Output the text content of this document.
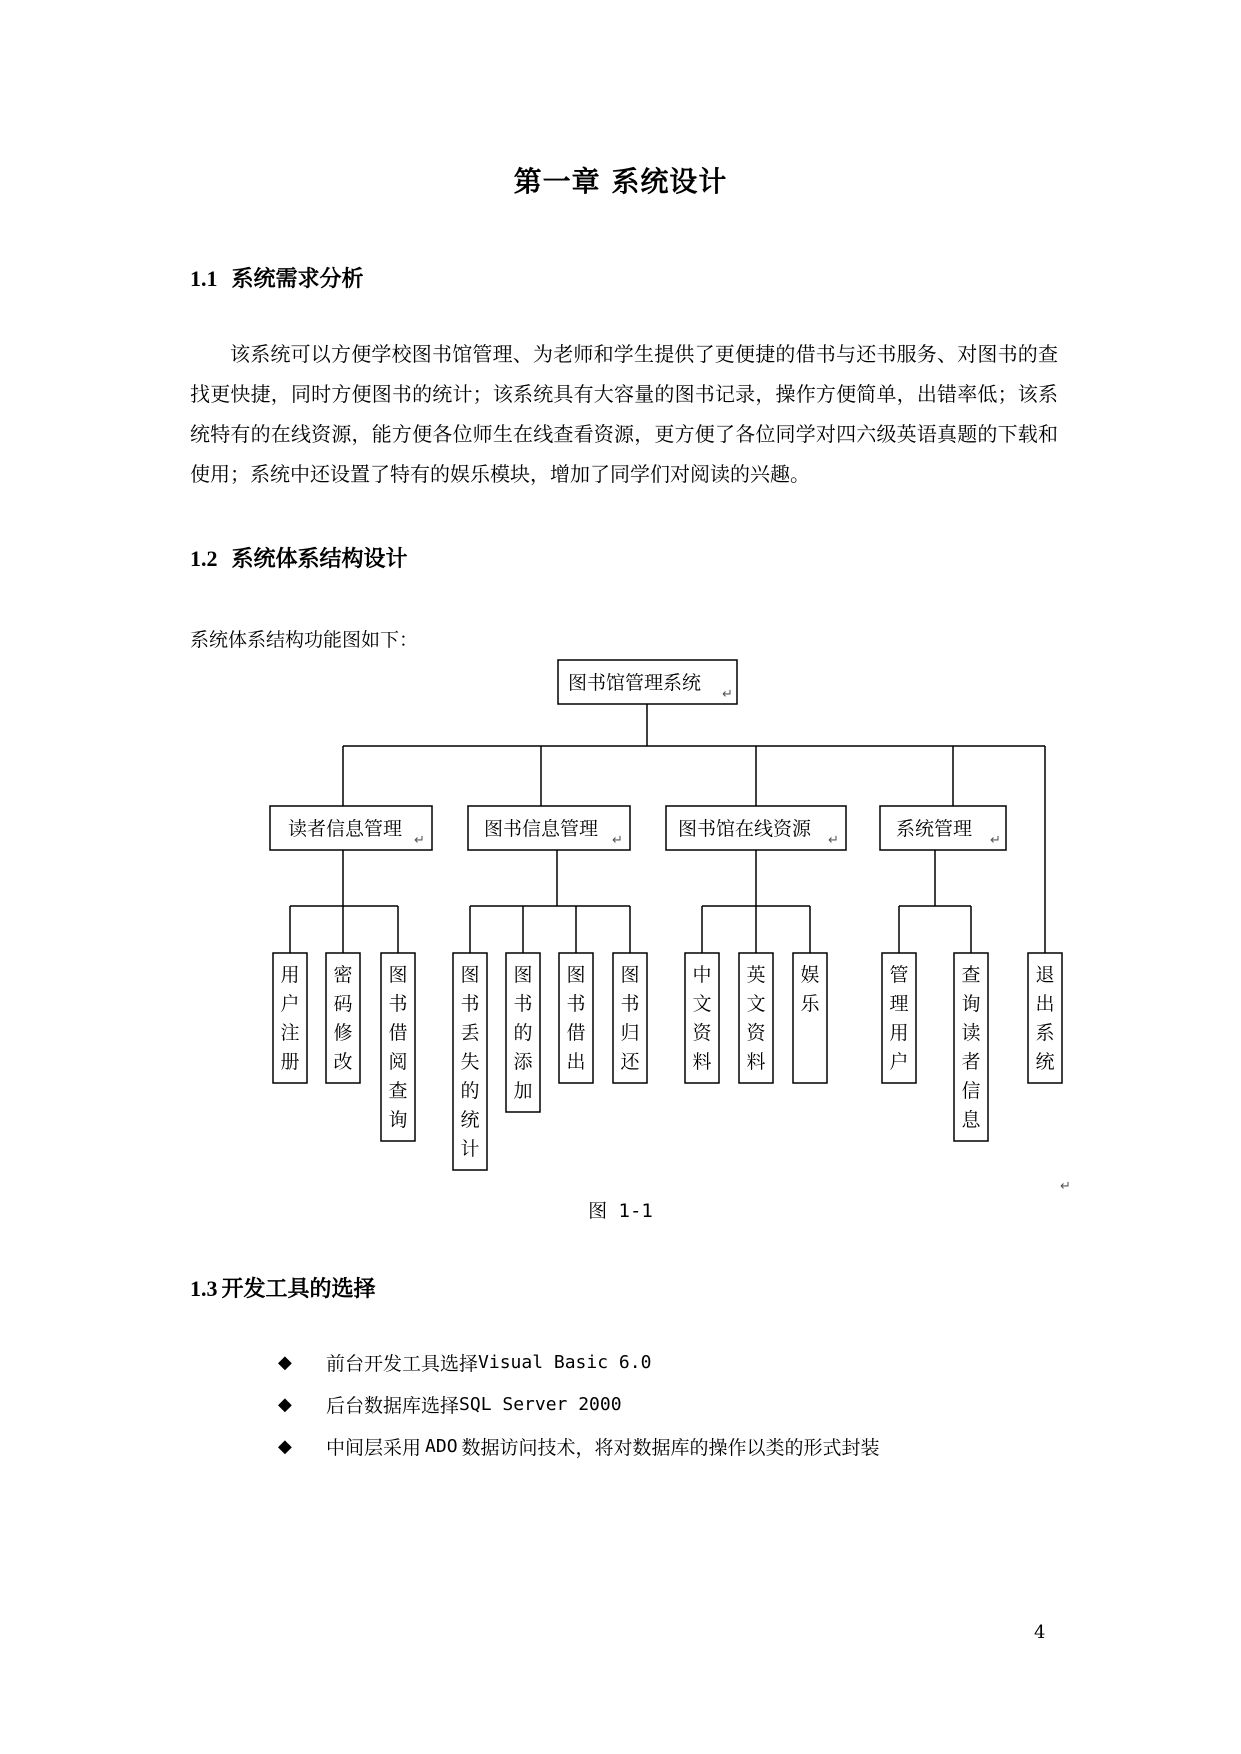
第一章 系统设计
1.1 系统需求分析

该系统可以方便学校图书馆管理、为老师和学生提供了更便捷的借书与还书服务、对图书的查找更快捷，同时方便图书的统计；该系统具有大容量的图书记录，操作方便简单，出错率低；该系统特有的在线资源，能方便各位师生在线查看资源，更方便了各位同学对四六级英语真题的下载和使用；系统中还设置了特有的娱乐模块，增加了同学们对阅读的兴趣。

1.2 系统体系结构设计
系统体系结构功能图如下：
图书馆管理系统
↵
读者信息管理
↵
图书信息管理
↵
图书馆在线资源
↵
系统管理
↵
用户注册
密码修改
图书借阅查询
图书丢失的统计
图书的添加
图书借出
图书归还
中文资料
英文资料
娱乐
管理用户
查询读者信息
退出系统
↵
图 1-1
1.3 开发工具的选择
◆	前台开发工具选择 Visual Basic 6.0
◆	后台数据库选择 SQL Server 2000
◆	中间层采用 ADO 数据访问技术，将对数据库的操作以类的形式封装
4
